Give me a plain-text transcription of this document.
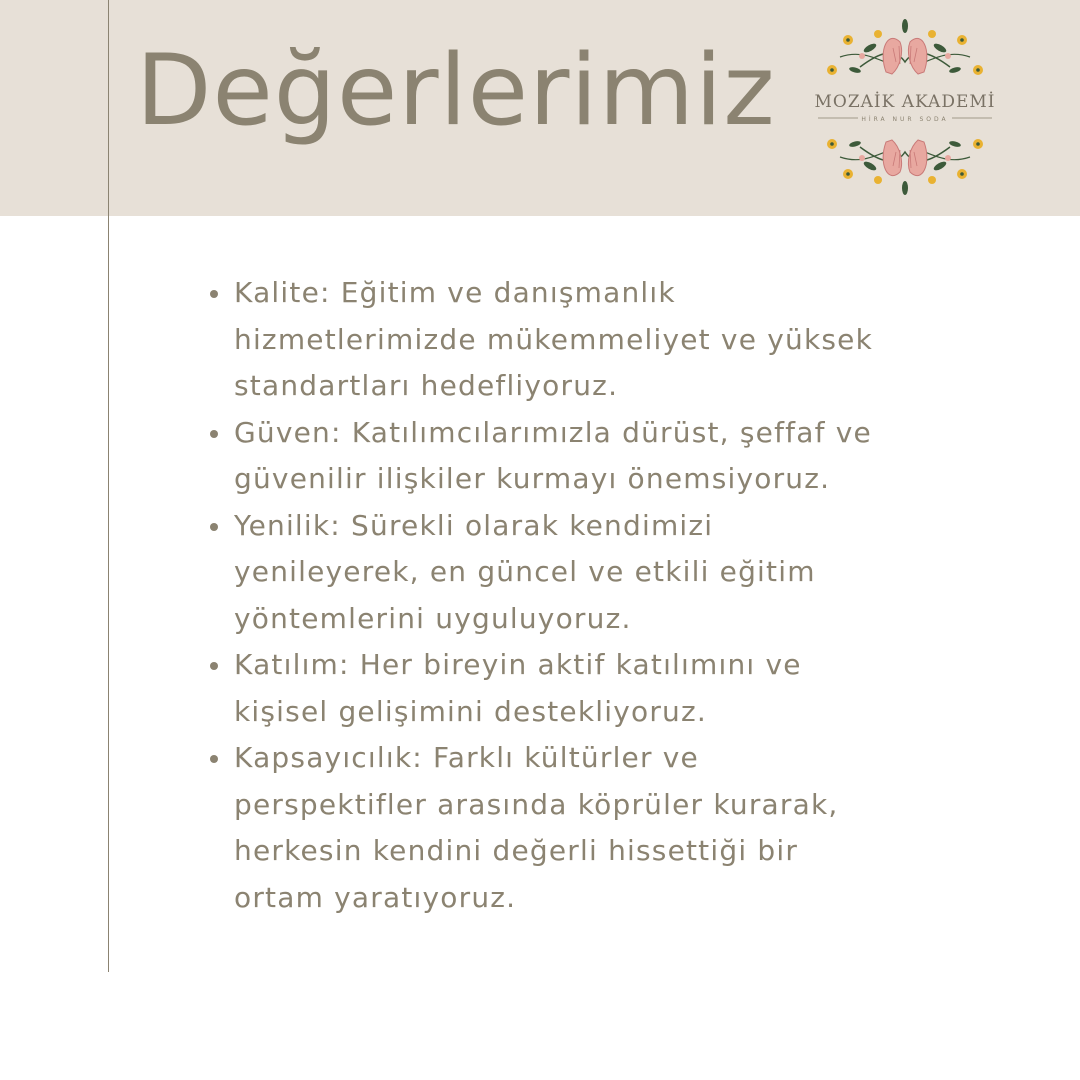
Değerlerimiz MOZAİK AKADEMİ
HİRA NUR SODA
Kalite: Eğitim ve danışmanlık
hizmetlerimizde mükemmeliyet ve yüksek
standartları hedefliyoruz.
Güven: Katılımcılarımızla dürüst, şeffaf ve
güvenilir ilişkiler kurmayı önemsiyoruz.
Yenilik: Sürekli olarak kendimizi
yenileyerek, en güncel ve etkili eğitim
yöntemlerini uyguluyoruz.
Katılım: Her bireyin aktif katılımını ve
kişisel gelişimini destekliyoruz.
Kapsayıcılık: Farklı kültürler ve
perspektifler arasında köprüler kurarak,
herkesin kendini değerli hissettiği bir
ortam yaratıyoruz.
